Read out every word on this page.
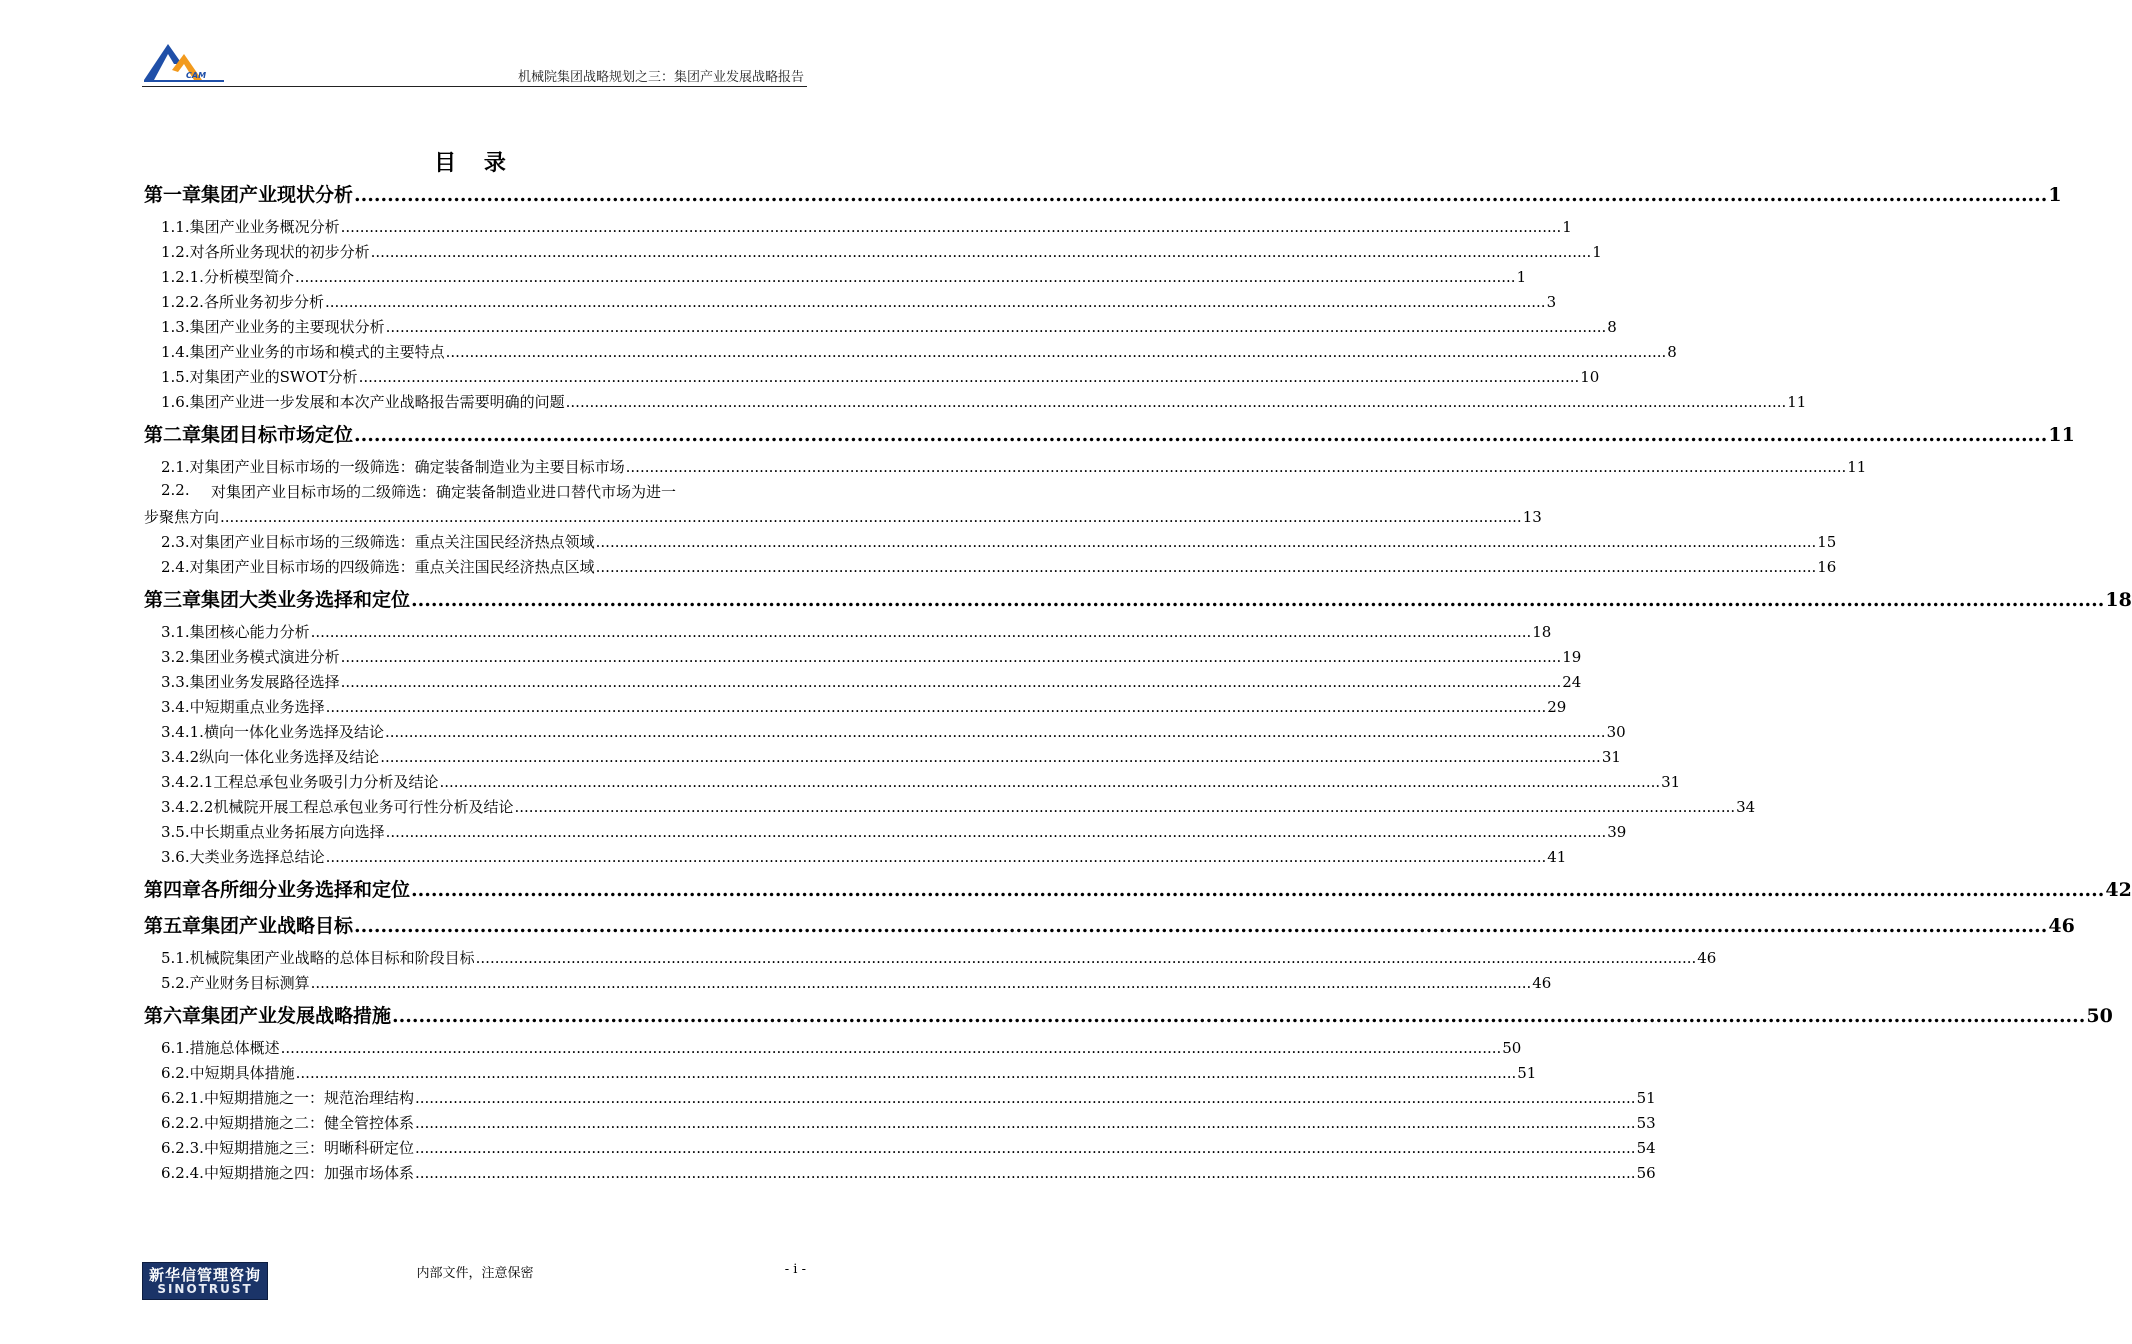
CAM	机械院集团战略规划之三：集团产业发展战略报告
目 录
第一章 集团产业现状分析 .....	1
1.1. 集团产业业务概况分析 .....	1
1.2. 对各所业务现状的初步分析 .....	1
1.2.1. 分析模型简介 .....	1
1.2.2. 各所业务初步分析 .....	3
1.3. 集团产业业务的主要现状分析 .....	8
1.4. 集团产业业务的市场和模式的主要特点 .....	8
1.5. 对集团产业的SWOT分析 .....	10
1.6. 集团产业进一步发展和本次产业战略报告需要明确的问题 .....	11
第二章 集团目标市场定位 .....	11
2.1. 对集团产业目标市场的一级筛选：确定装备制造业为主要目标市场 .....	11
2.2.	对集团产业目标市场的二级筛选：确定装备制造业进口替代市场为进一
步聚焦方向 .....	13
2.3. 对集团产业目标市场的三级筛选：重点关注国民经济热点领域 .....	15
2.4. 对集团产业目标市场的四级筛选：重点关注国民经济热点区域 .....	16
第三章 集团大类业务选择和定位 .....	18
3.1. 集团核心能力分析 .....	18
3.2. 集团业务模式演进分析 .....	19
3.3. 集团业务发展路径选择 .....	24
3.4. 中短期重点业务选择 .....	29
3.4.1. 横向一体化业务选择及结论 .....	30
3.4.2 纵向一体化业务选择及结论 .....	31
3.4.2.1 工程总承包业务吸引力分析及结论 .....	31
3.4.2.2 机械院开展工程总承包业务可行性分析及结论 .....	34
3.5. 中长期重点业务拓展方向选择 .....	39
3.6. 大类业务选择总结论 .....	41
第四章 各所细分业务选择和定位 .....	42
第五章 集团产业战略目标 .....	46
5.1. 机械院集团产业战略的总体目标和阶段目标 .....	46
5.2. 产业财务目标测算 .....	46
第六章 集团产业发展战略措施 .....	50
6.1. 措施总体概述 .....	50
6.2. 中短期具体措施 .....	51
6.2.1. 中短期措施之一：规范治理结构 .....	51
6.2.2. 中短期措施之二：健全管控体系 .....	53
6.2.3. 中短期措施之三：明晰科研定位 .....	54
6.2.4. 中短期措施之四：加强市场体系 .....	56
新华信管理咨询
SINOTRUST
内部文件，注意保密	- i -
